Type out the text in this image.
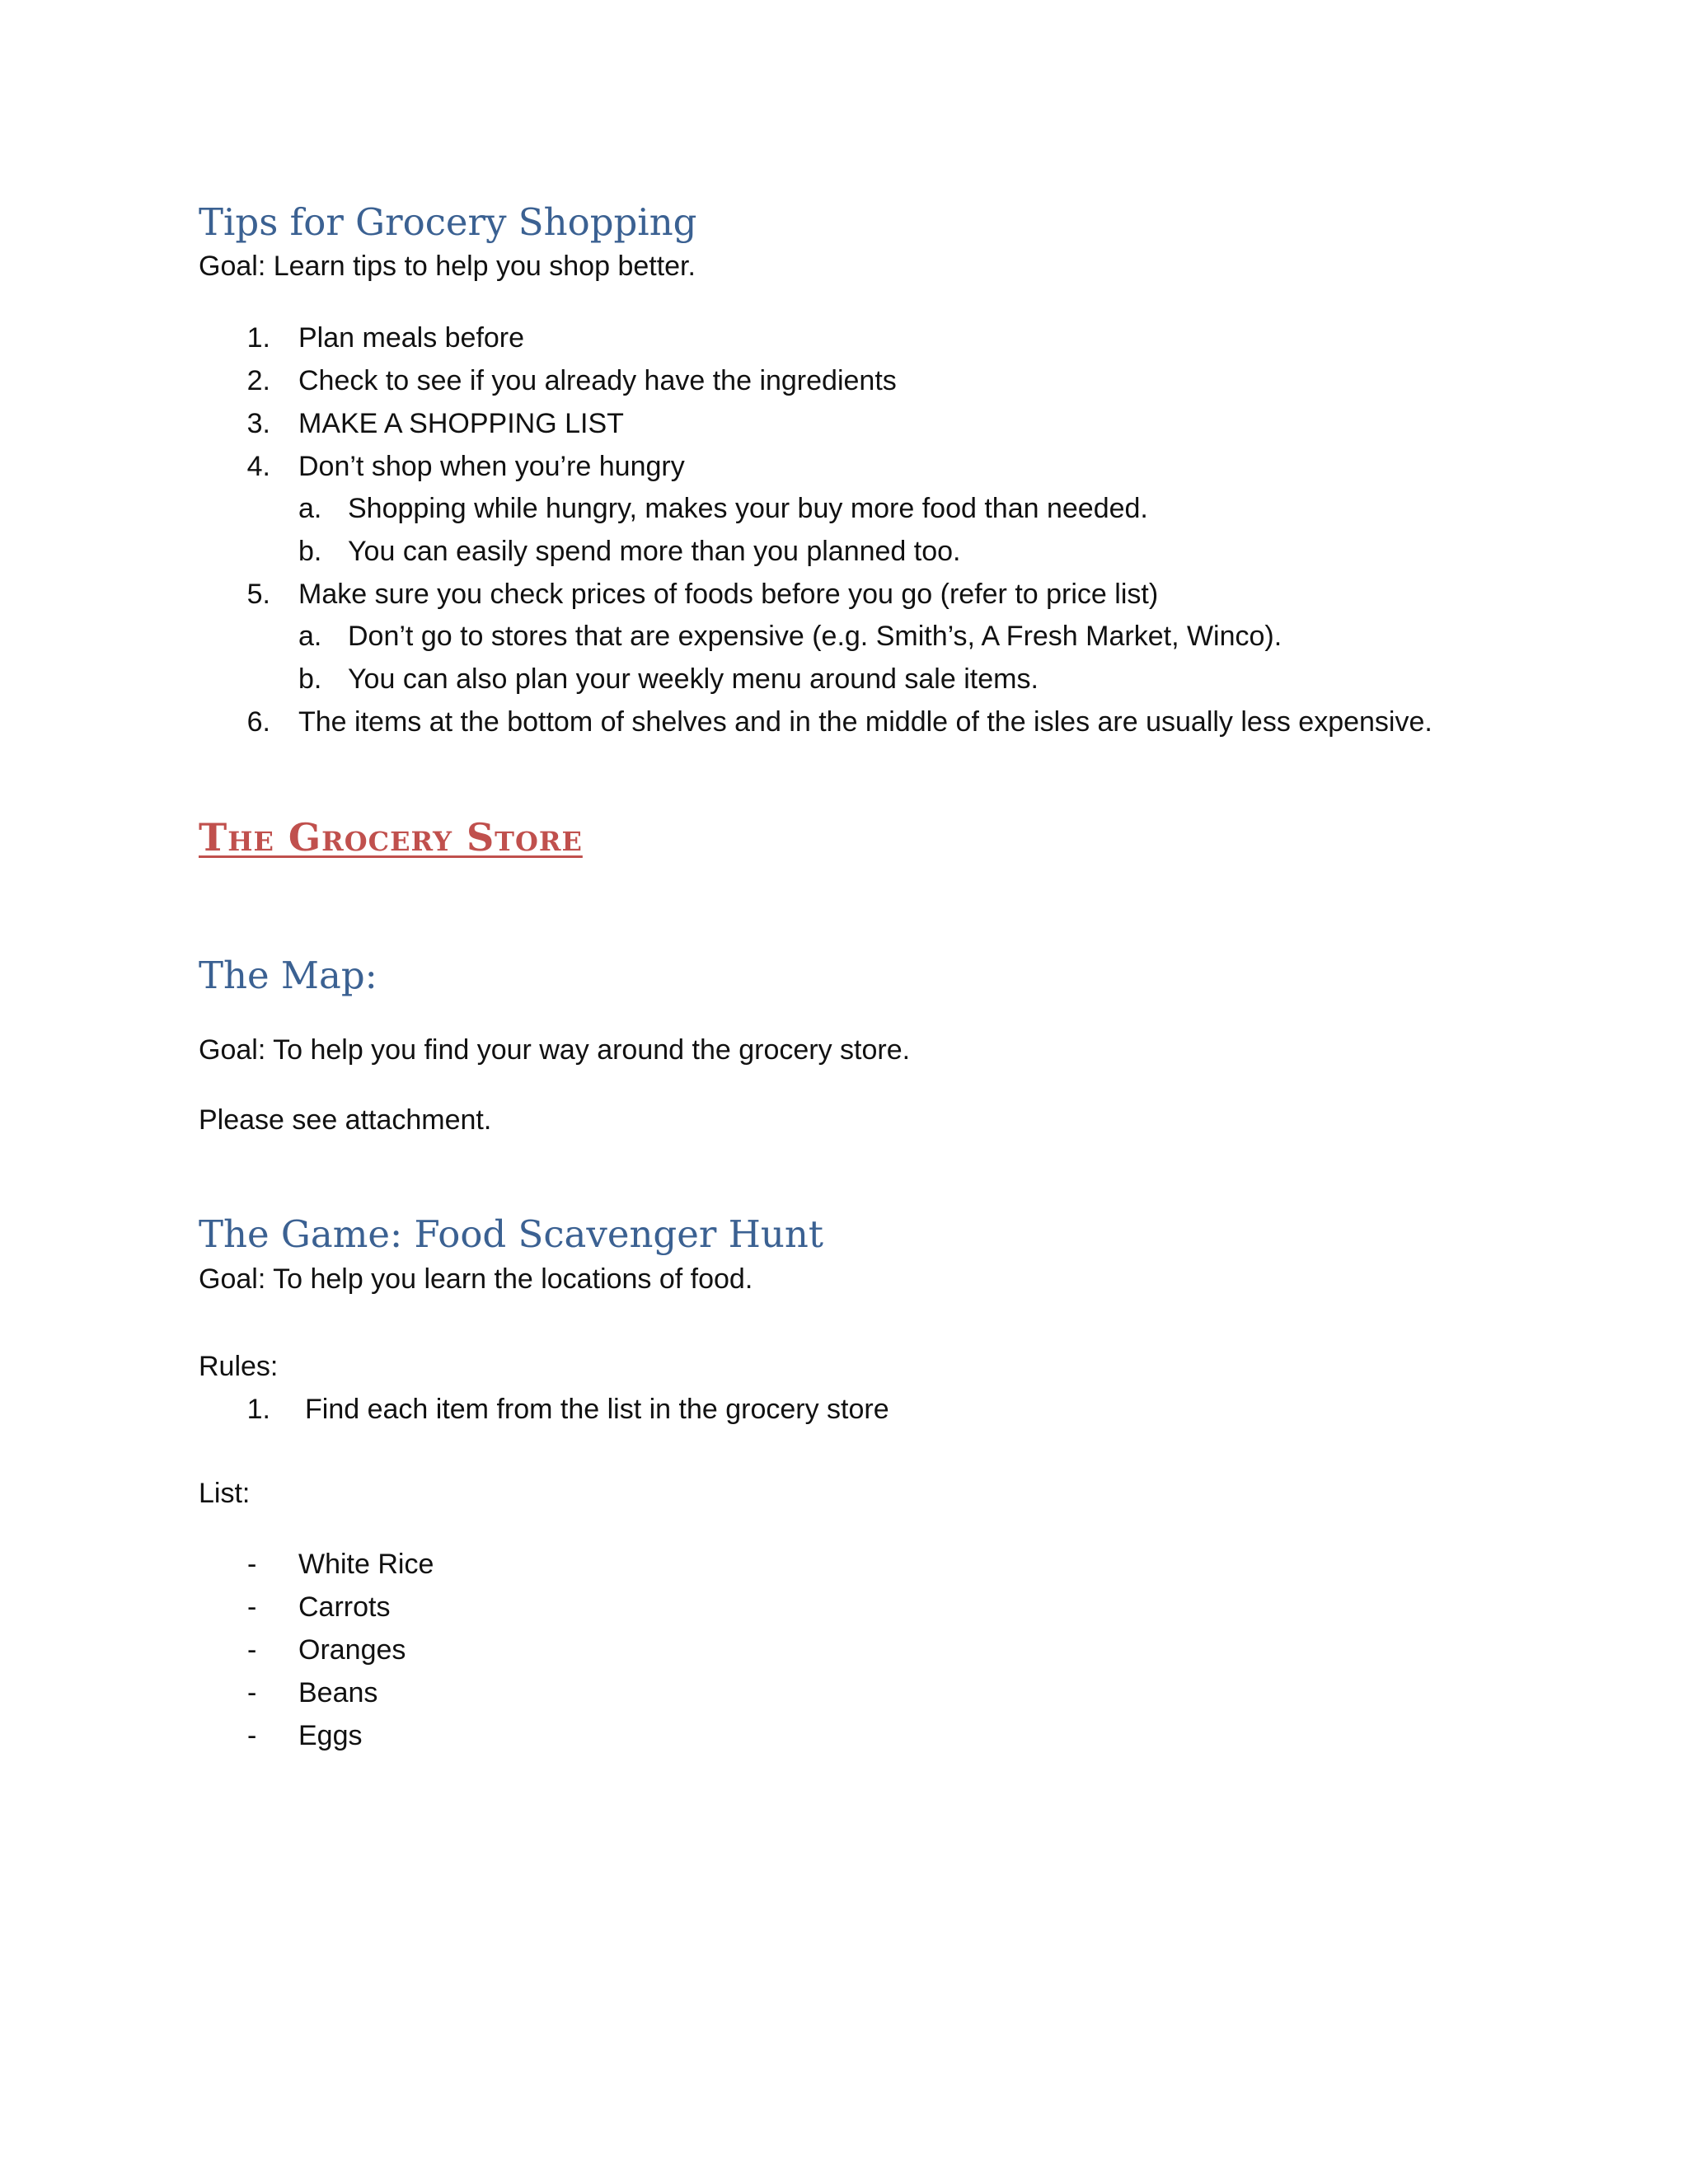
Tips for Grocery Shopping
Goal: Learn tips to help you shop better.
1. Plan meals before
2. Check to see if you already have the ingredients
3. MAKE A SHOPPING LIST
4. Don’t shop when you’re hungry
a. Shopping while hungry, makes your buy more food than needed.
b. You can easily spend more than you planned too.
5. Make sure you check prices of foods before you go (refer to price list)
a. Don’t go to stores that are expensive (e.g. Smith’s, A Fresh Market, Winco).
b. You can also plan your weekly menu around sale items.
6. The items at the bottom of shelves and in the middle of the isles are usually less expensive.
The Grocery Store
The Map:
Goal: To help you find your way around the grocery store.
Please see attachment.
The Game: Food Scavenger Hunt
Goal: To help you learn the locations of food.
Rules:
1. Find each item from the list in the grocery store
List:
- White Rice
- Carrots
- Oranges
- Beans
- Eggs
